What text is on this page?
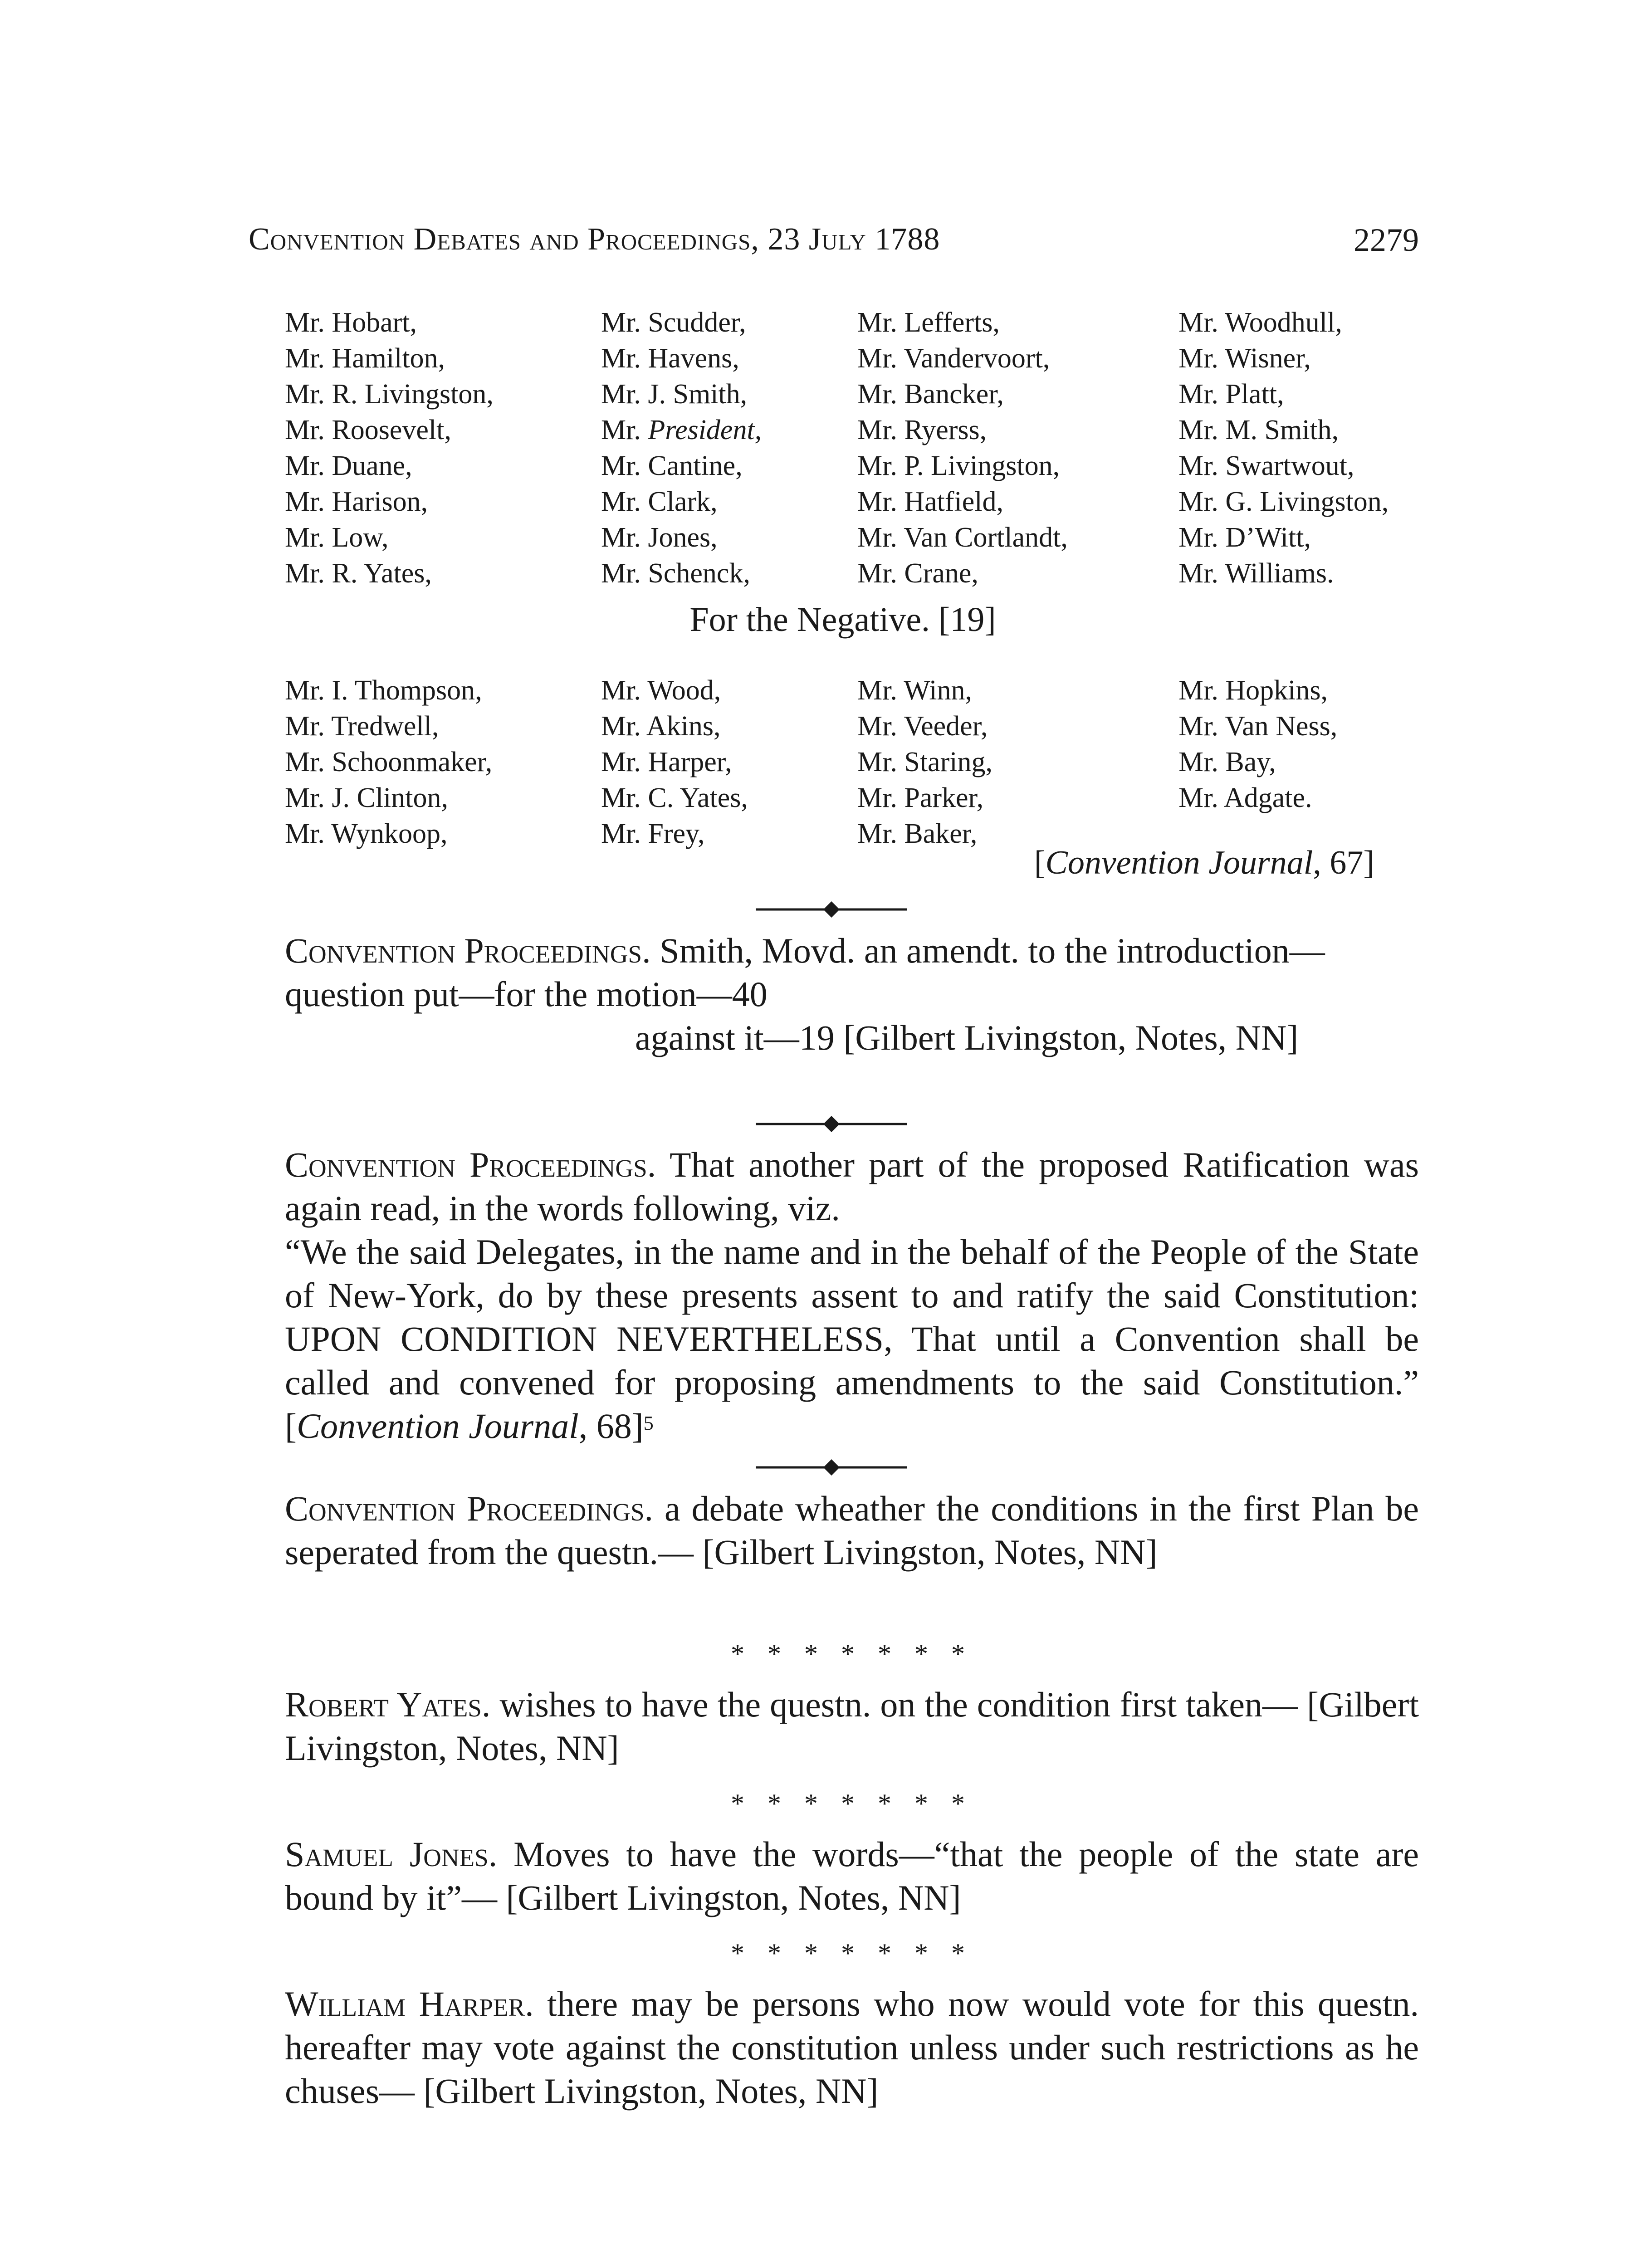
Convention Debates and Proceedings, 23 July 1788	2279
Mr. Hobart,
Mr. Hamilton,
Mr. R. Livingston,
Mr. Roosevelt,
Mr. Duane,
Mr. Harison,
Mr. Low,
Mr. R. Yates,
Mr. Scudder,
Mr. Havens,
Mr. J. Smith,
Mr. President,
Mr. Cantine,
Mr. Clark,
Mr. Jones,
Mr. Schenck,
Mr. Lefferts,
Mr. Vandervoort,
Mr. Bancker,
Mr. Ryerss,
Mr. P. Livingston,
Mr. Hatfield,
Mr. Van Cortlandt,
Mr. Crane,
Mr. Woodhull,
Mr. Wisner,
Mr. Platt,
Mr. M. Smith,
Mr. Swartwout,
Mr. G. Livingston,
Mr. D’Witt,
Mr. Williams.
For the Negative. [19]
Mr. I. Thompson,
Mr. Tredwell,
Mr. Schoonmaker,
Mr. J. Clinton,
Mr. Wynkoop,
Mr. Wood,
Mr. Akins,
Mr. Harper,
Mr. C. Yates,
Mr. Frey,
Mr. Winn,
Mr. Veeder,
Mr. Staring,
Mr. Parker,
Mr. Baker,
Mr. Hopkins,
Mr. Van Ness,
Mr. Bay,
Mr. Adgate.
[Convention Journal, 67]
Convention Proceedings. Smith, Movd. an amendt. to the introduction—
question put—for the motion—40
against it—19 [Gilbert Livingston, Notes, NN]
Convention Proceedings. That another part of the proposed Ratification was again read, in the words following, viz.
“We the said Delegates, in the name and in the behalf of the People of the State of New-York, do by these presents assent to and ratify the said Constitution: UPON CONDITION NEVERTHELESS, That until a Convention shall be called and convened for proposing amendments to the said Constitution.” [Convention Journal, 68]$^5$
Convention Proceedings. a debate wheather the conditions in the first Plan be seperated from the questn.— [Gilbert Livingston, Notes, NN]
* * * * * * *
Robert Yates. wishes to have the questn. on the condition first taken— [Gilbert Livingston, Notes, NN]
* * * * * * *
Samuel Jones. Moves to have the words—“that the people of the state are bound by it”— [Gilbert Livingston, Notes, NN]
* * * * * * *
William Harper. there may be persons who now would vote for this questn. hereafter may vote against the constitution unless under such restrictions as he chuses— [Gilbert Livingston, Notes, NN]
